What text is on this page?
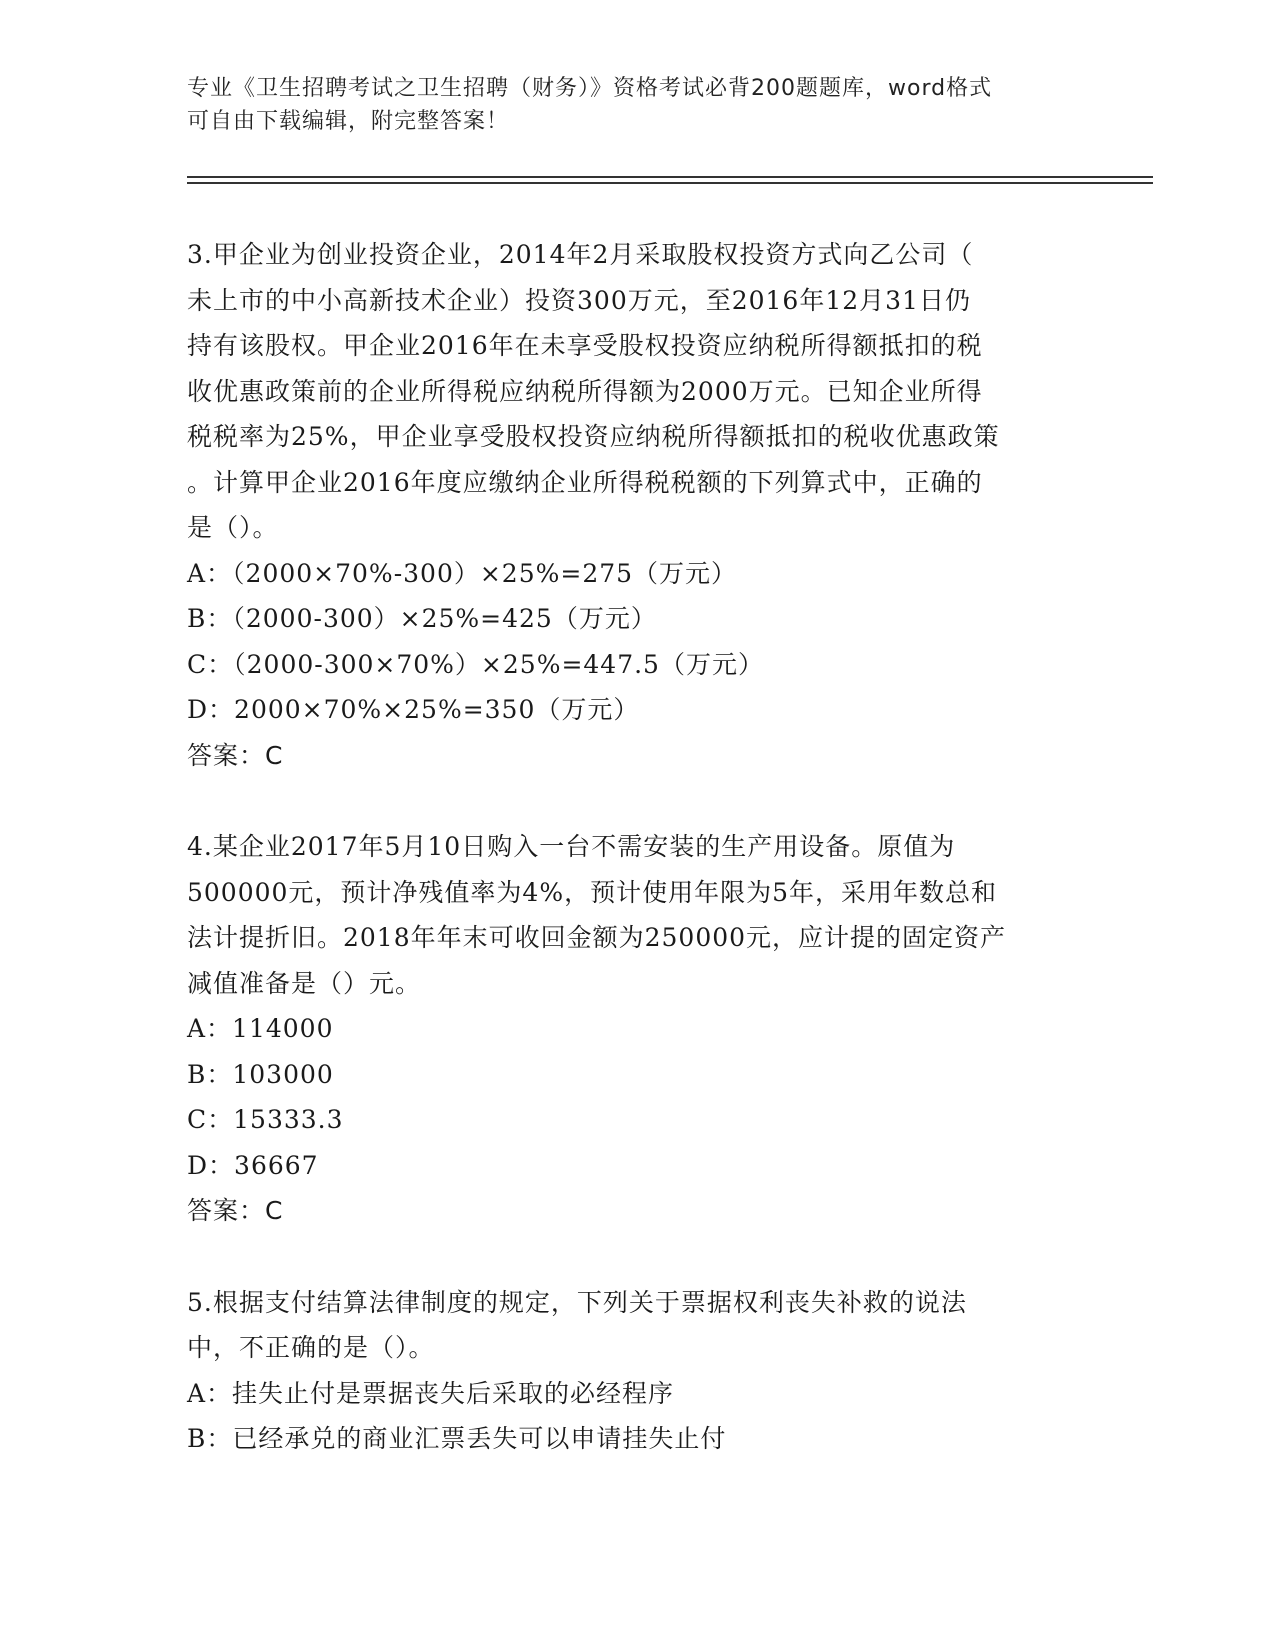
专业《卫生招聘考试之卫生招聘（财务）》资格考试必背200题题库，word格式
可自由下载编辑，附完整答案！

3.甲企业为创业投资企业，2014年2月采取股权投资方式向乙公司（

未上市的中小高新技术企业）投资300万元，至2016年12月31日仍

持有该股权。甲企业2016年在未享受股权投资应纳税所得额抵扣的税

收优惠政策前的企业所得税应纳税所得额为2000万元。已知企业所得

税税率为25%，甲企业享受股权投资应纳税所得额抵扣的税收优惠政策

。计算甲企业2016年度应缴纳企业所得税税额的下列算式中，正确的

是（）。

A：（2000×70%-300）×25%=275（万元）

B：（2000-300）×25%=425（万元）

C：（2000-300×70%）×25%=447.5（万元）

D：2000×70%×25%=350（万元）

答案：C

4.某企业2017年5月10日购入一台不需安装的生产用设备。原值为

500000元，预计净残值率为4%，预计使用年限为5年，采用年数总和

法计提折旧。2018年年末可收回金额为250000元，应计提的固定资产

减值准备是（）元。

A：114000

B：103000

C：15333.3

D：36667

答案：C

5.根据支付结算法律制度的规定，下列关于票据权利丧失补救的说法

中，不正确的是（）。

A：挂失止付是票据丧失后采取的必经程序

B：已经承兑的商业汇票丢失可以申请挂失止付
